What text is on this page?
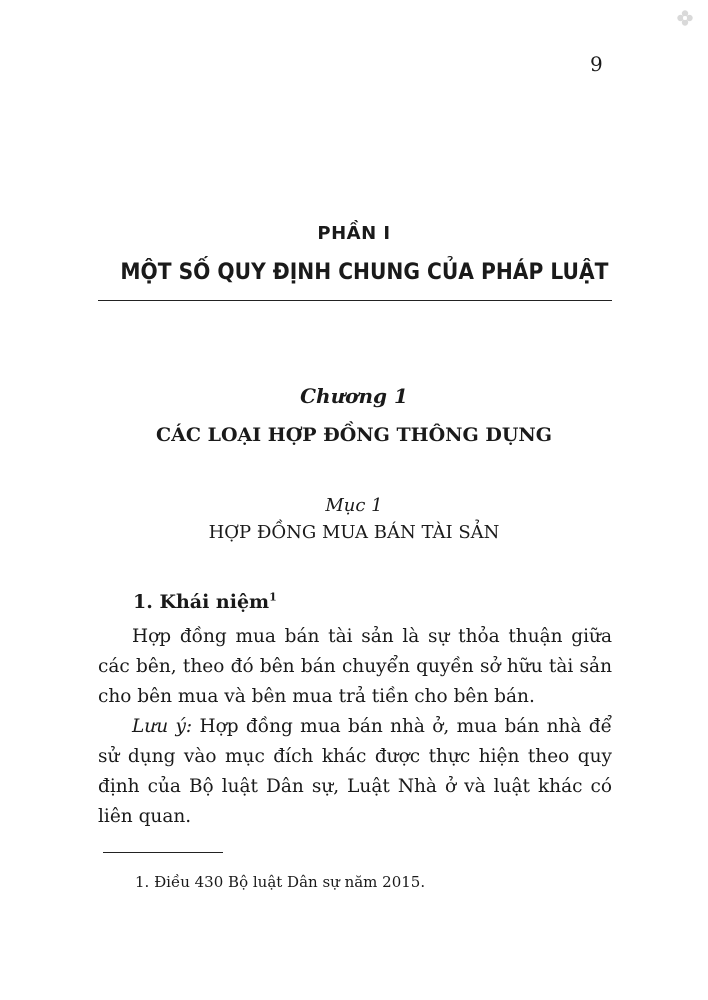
9
PHẦN I
MỘT SỐ QUY ĐỊNH CHUNG CỦA PHÁP LUẬT
Chương 1
CÁC LOẠI HỢP ĐỒNG THÔNG DỤNG
Mục 1
HỢP ĐỒNG MUA BÁN TÀI SẢN
1. Khái niệm$^1$

Hợp đồng mua bán tài sản là sự thỏa thuận giữa các bên, theo đó bên bán chuyển quyền sở hữu tài sản cho bên mua và bên mua trả tiền cho bên bán.

Lưu ý: Hợp đồng mua bán nhà ở, mua bán nhà để sử dụng vào mục đích khác được thực hiện theo quy định của Bộ luật Dân sự, Luật Nhà ở và luật khác có liên quan.

1. Điều 430 Bộ luật Dân sự năm 2015.
